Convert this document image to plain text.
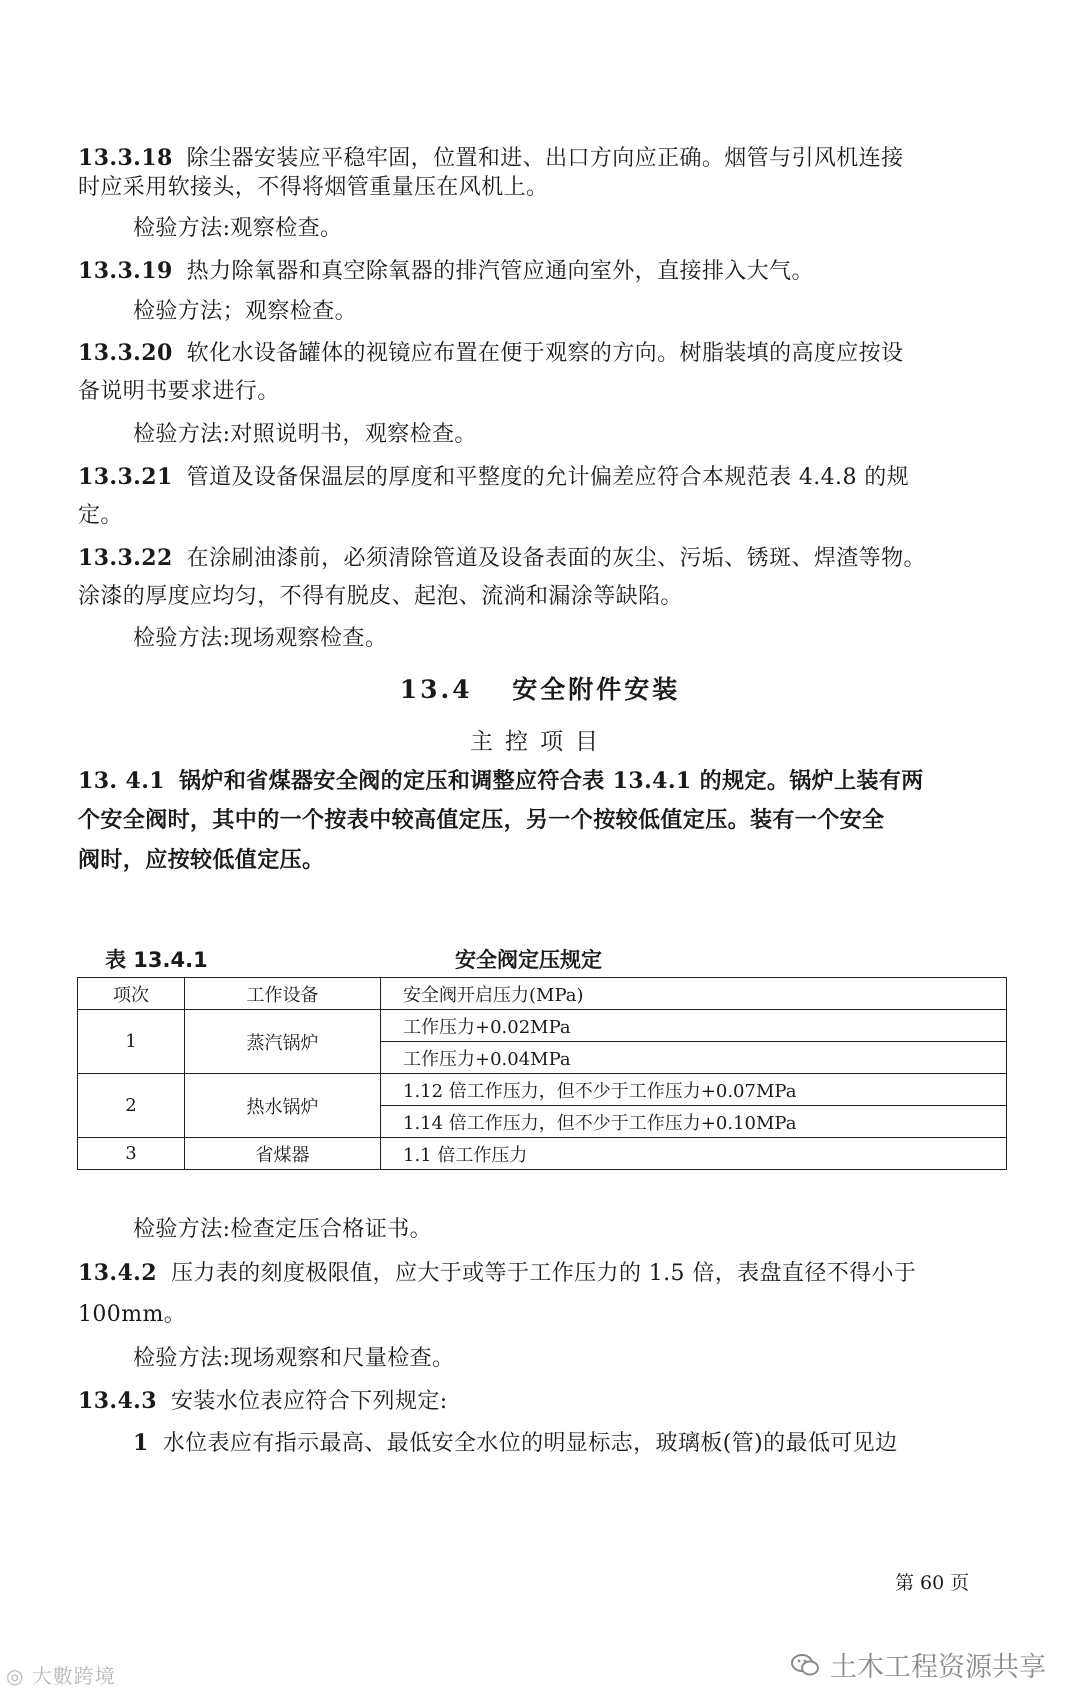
13.3.18 除尘器安装应平稳牢固，位置和进、出口方向应正确。烟管与引风机连接
时应采用软接头，不得将烟管重量压在风机上。
检验方法:观察检查。
13.3.19 热力除氧器和真空除氧器的排汽管应通向室外，直接排入大气。
检验方法；观察检查。
13.3.20 软化水设备罐体的视镜应布置在便于观察的方向。树脂装填的高度应按设
备说明书要求进行。
检验方法:对照说明书，观察检查。
13.3.21 管道及设备保温层的厚度和平整度的允计偏差应符合本规范表 4.4.8 的规
定。
13.3.22 在涂刷油漆前，必须清除管道及设备表面的灰尘、污垢、锈斑、焊渣等物。
涂漆的厚度应均匀，不得有脱皮、起泡、流淌和漏涂等缺陷。
检验方法:现场观察检查。
13.4　 安全附件安装
主控项目
13. 4.1 锅炉和省煤器安全阀的定压和调整应符合表 13.4.1 的规定。锅炉上装有两
个安全阀时，其中的一个按表中较高值定压，另一个按较低值定压。装有一个安全
阀时，应按较低值定压。
表 13.4.1	安全阀定压规定
项次	工作设备	安全阀开启压力(MPa)
1	蒸汽锅炉	工作压力+0.02MPa
		工作压力+0.04MPa
2	热水锅炉	1.12 倍工作压力，但不少于工作压力+0.07MPa
		1.14 倍工作压力，但不少于工作压力+0.10MPa
3	省煤器	1.1 倍工作压力
检验方法:检查定压合格证书。
13.4.2 压力表的刻度极限值，应大于或等于工作压力的 1.5 倍，表盘直径不得小于
100mm。
检验方法:现场观察和尺量检查。
13.4.3 安装水位表应符合下列规定:
1 水位表应有指示最高、最低安全水位的明显标志，玻璃板(管)的最低可见边
第 60 页
◎ 大數跨境	土木工程资源共享
